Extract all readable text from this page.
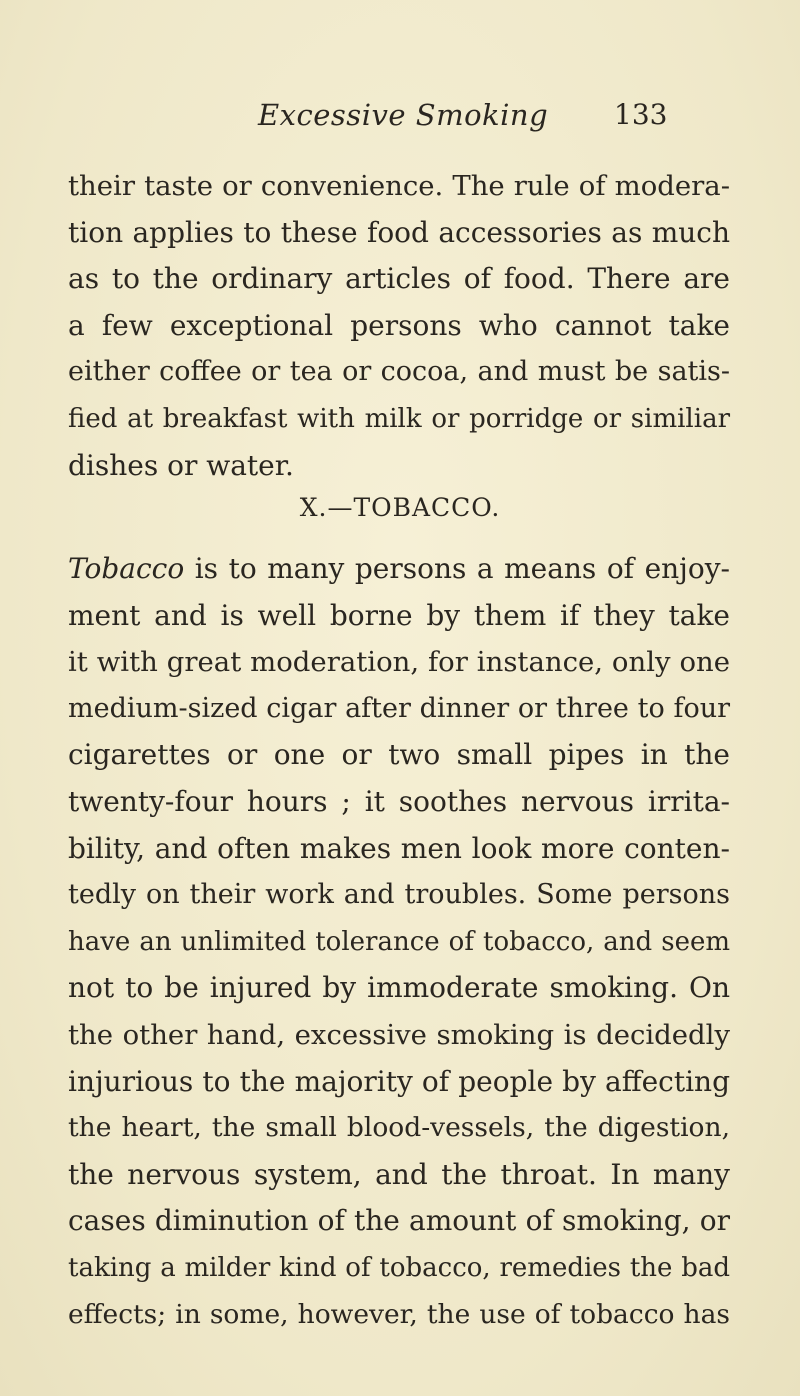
Excessive Smoking 133
their taste or convenience. The rule of modera-
tion applies to these food accessories as much
as to the ordinary articles of food. There are
a few exceptional persons who cannot take
either coffee or tea or cocoa, and must be satis-
fied at breakfast with milk or porridge or similiar
dishes or water.
X.—TOBACCO.
Tobacco is to many persons a means of enjoy-
ment and is well borne by them if they take
it with great moderation, for instance, only one
medium-sized cigar after dinner or three to four
cigarettes or one or two small pipes in the
twenty-four hours ; it soothes nervous irrita-
bility, and often makes men look more conten-
tedly on their work and troubles. Some persons
have an unlimited tolerance of tobacco, and seem
not to be injured by immoderate smoking. On
the other hand, excessive smoking is decidedly
injurious to the majority of people by affecting
the heart, the small blood-vessels, the digestion,
the nervous system, and the throat. In many
cases diminution of the amount of smoking, or
taking a milder kind of tobacco, remedies the bad
effects; in some, however, the use of tobacco has
